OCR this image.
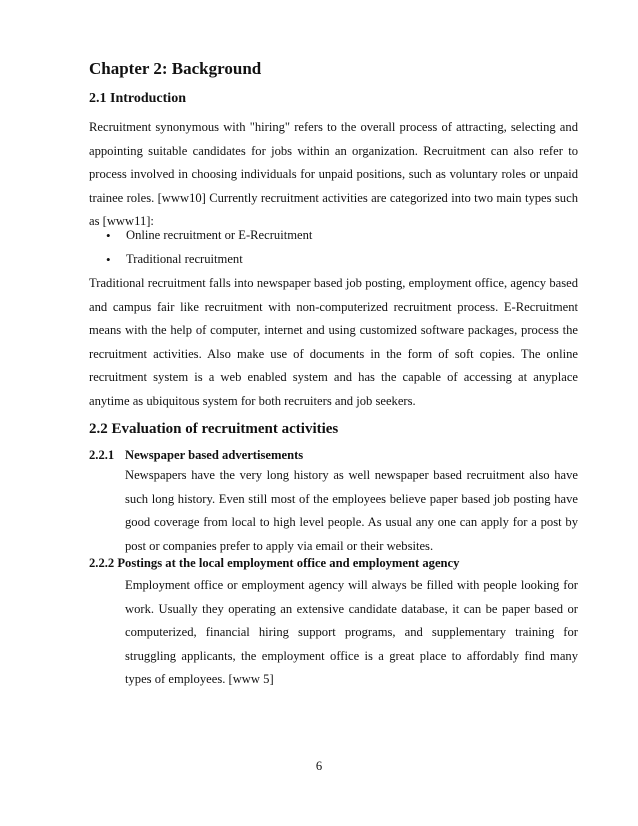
Chapter 2: Background
2.1 Introduction
Recruitment synonymous with "hiring" refers to the overall process of attracting, selecting and appointing suitable candidates for jobs within an organization. Recruitment can also refer to process involved in choosing individuals for unpaid positions, such as voluntary roles or unpaid trainee roles. [www10] Currently recruitment activities are categorized into two main types such as [www11]:
• Online recruitment or E-Recruitment
• Traditional recruitment
Traditional recruitment falls into newspaper based job posting, employment office, agency based and campus fair like recruitment with non-computerized recruitment process. E-Recruitment means with the help of computer, internet and using customized software packages, process the recruitment activities. Also make use of documents in the form of soft copies. The online recruitment system is a web enabled system and has the capable of accessing at anyplace anytime as ubiquitous system for both recruiters and job seekers.
2.2 Evaluation of recruitment activities
2.2.1 Newspaper based advertisements
Newspapers have the very long history as well newspaper based recruitment also have such long history. Even still most of the employees believe paper based job posting have good coverage from local to high level people. As usual any one can apply for a post by post or companies prefer to apply via email or their websites.
2.2.2 Postings at the local employment office and employment agency
Employment office or employment agency will always be filled with people looking for work. Usually they operating an extensive candidate database, it can be paper based or computerized, financial hiring support programs, and supplementary training for struggling applicants, the employment office is a great place to affordably find many types of employees. [www 5]
6
